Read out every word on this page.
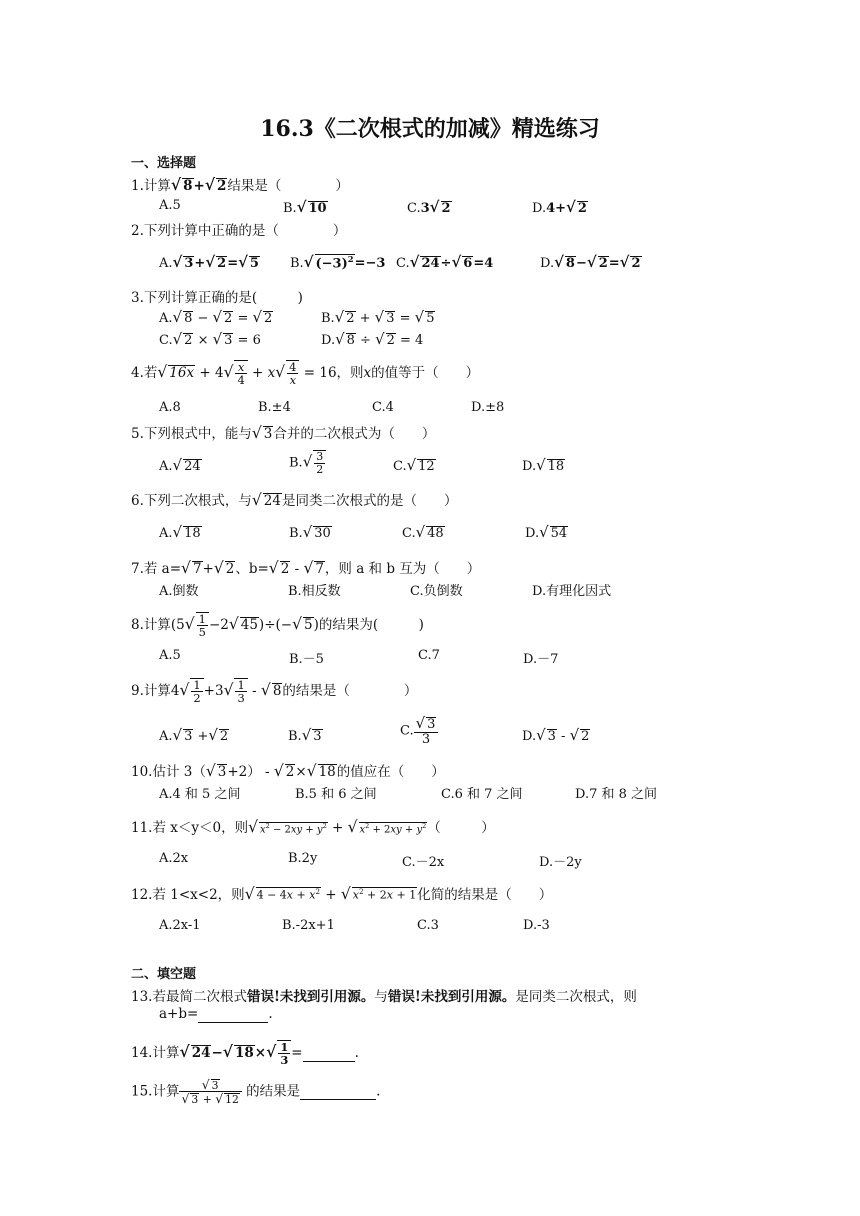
16.3《二次根式的加减》精选练习
一、选择题
1.计算√ 8+√ 2结果是（　　　　）
A.5	B.√ 10	C.3√ 2	D.4+√ 2
2.下列计算中正确的是（　　　　）
A.√ 3+√ 2=√ 5 B.√ $(-3)^2=-3$ C.√ 24÷√ 6=4	D.√ 8−√ 2=√ 2
3.下列计算正确的是(　　　)
A.√ 8 − √ 2 = √ 2	B.√ 2 + √ 3 = √ 5
C.√ 2 × √ 3 = 6	D.√ 8 ÷ √ 2 = 4
4.若√ $16x + 4√ \frac{x}{4} + x√ \frac{4}{x} = 16$，则x的值等于（　　）
A.8	B.±4	C.4	D.±8
5.下列根式中，能与√ 3合并的二次根式为（　　）
A.√ 24	$B.√ \frac{3}{2}$	C.√ 12	D.√ 18
6.下列二次根式，与√ 24是同类二次根式的是（　　）
A.√ 18	B.√ 30	C.√ 48	D.√ 54
7.若 a=√ 7+√ 2、b=√ 2 - √ 7，则 a 和 b 互为（　　）
A.倒数	B.相反数	C.负倒数	D.有理化因式
8.计算($5√ \frac{1}{5} -2√$ 45)÷(−√ 5)的结果为(　　　)
A.5	B.－5	C.7	D.－7
9.计算$4√ \frac{1}{2} +3√ \frac{1}{3}$ - √ 8的结果是（　　　　）
A.√ 3 +√ 2	B.√ 3	C. $\frac{√ 3}{3}$	D.√ 3 - √ 2
10.估计 3（√ 3+2） - √ 2×√ 18的值应在（　　）
A.4 和 5 之间	B.5 和 6 之间	C.6 和 7 之间	D.7 和 8 之间
11.若 x＜y＜0，则√ $x^2 - 2xy + y^2$ + √ $x^2 + 2xy + y^2$（　　　）
A.2x	B.2y	C.－2x	D.－2y
12.若 1<x<2，则√ $4 - 4x + x^2$ + √ $x^2 + 2x + 1$化简的结果是（　　）
A.2x-1	B.-2x+1	C.3	D.-3
二、填空题
13.若最简二次根式错误!未找到引用源。与错误!未找到引用源。是同类二次根式，则
a+b=	.
14.计算√ 24−√ $18\times√ \frac{1}{3}$ =	.
15.计算 $\frac{√ 3}{√ 3 + √ 12}$ 的结果是	.
